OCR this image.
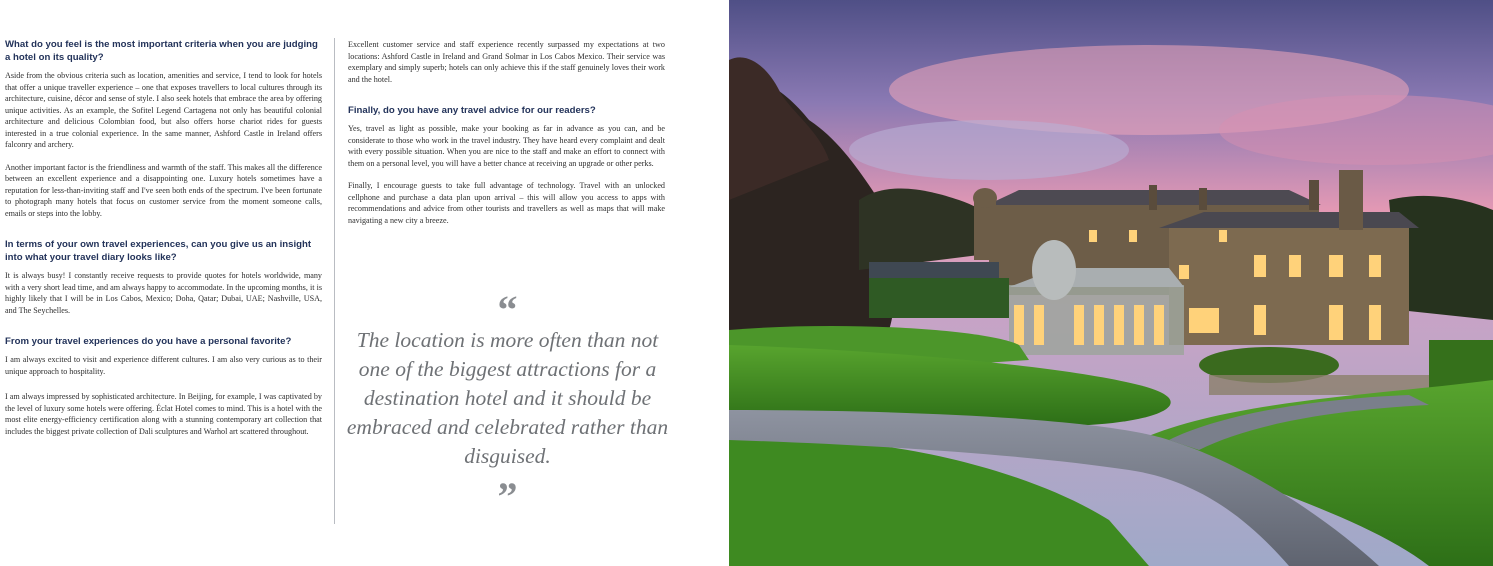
What do you feel is the most important criteria when you are judging a hotel on its quality?

Aside from the obvious criteria such as location, amenities and service, I tend to look for hotels that offer a unique traveller experience – one that exposes travellers to local cultures through its architecture, cuisine, décor and sense of style. I also seek hotels that embrace the area by offering unique activities. As an example, the Sofitel Legend Cartagena not only has beautiful colonial architecture and delicious Colombian food, but also offers horse chariot rides for guests interested in a true colonial experience. In the same manner, Ashford Castle in Ireland offers falconry and archery.

Another important factor is the friendliness and warmth of the staff. This makes all the difference between an excellent experience and a disappointing one. Luxury hotels sometimes have a reputation for less-than-inviting staff and I've seen both ends of the spectrum. I've been fortunate to photograph many hotels that focus on customer service from the moment someone calls, emails or steps into the lobby.

In terms of your own travel experiences, can you give us an insight into what your travel diary looks like?

It is always busy! I constantly receive requests to provide quotes for hotels worldwide, many with a very short lead time, and am always happy to accommodate. In the upcoming months, it is highly likely that I will be in Los Cabos, Mexico; Doha, Qatar; Dubai, UAE; Nashville, USA, and The Seychelles.

From your travel experiences do you have a personal favorite?

I am always excited to visit and experience different cultures. I am also very curious as to their unique approach to hospitality.

I am always impressed by sophisticated architecture. In Beijing, for example, I was captivated by the level of luxury some hotels were offering. Éclat Hotel comes to mind. This is a hotel with the most elite energy-efficiency certification along with a stunning contemporary art collection that includes the biggest private collection of Dali sculptures and Warhol art scattered throughout.

Excellent customer service and staff experience recently surpassed my expectations at two locations: Ashford Castle in Ireland and Grand Solmar in Los Cabos Mexico. Their service was exemplary and simply superb; hotels can only achieve this if the staff genuinely loves their work and the hotel.

Finally, do you have any travel advice for our readers?

Yes, travel as light as possible, make your booking as far in advance as you can, and be considerate to those who work in the travel industry. They have heard every complaint and dealt with every possible situation. When you are nice to the staff and make an effort to connect with them on a personal level, you will have a better chance at receiving an upgrade or other perks.

Finally, I encourage guests to take full advantage of technology. Travel with an unlocked cellphone and purchase a data plan upon arrival – this will allow you access to apps with recommendations and advice from other tourists and travellers as well as maps that will make navigating a new city a breeze.

“

The location is more often than not one of the biggest attractions for a destination hotel and it should be embraced and celebrated rather than disguised.

”
